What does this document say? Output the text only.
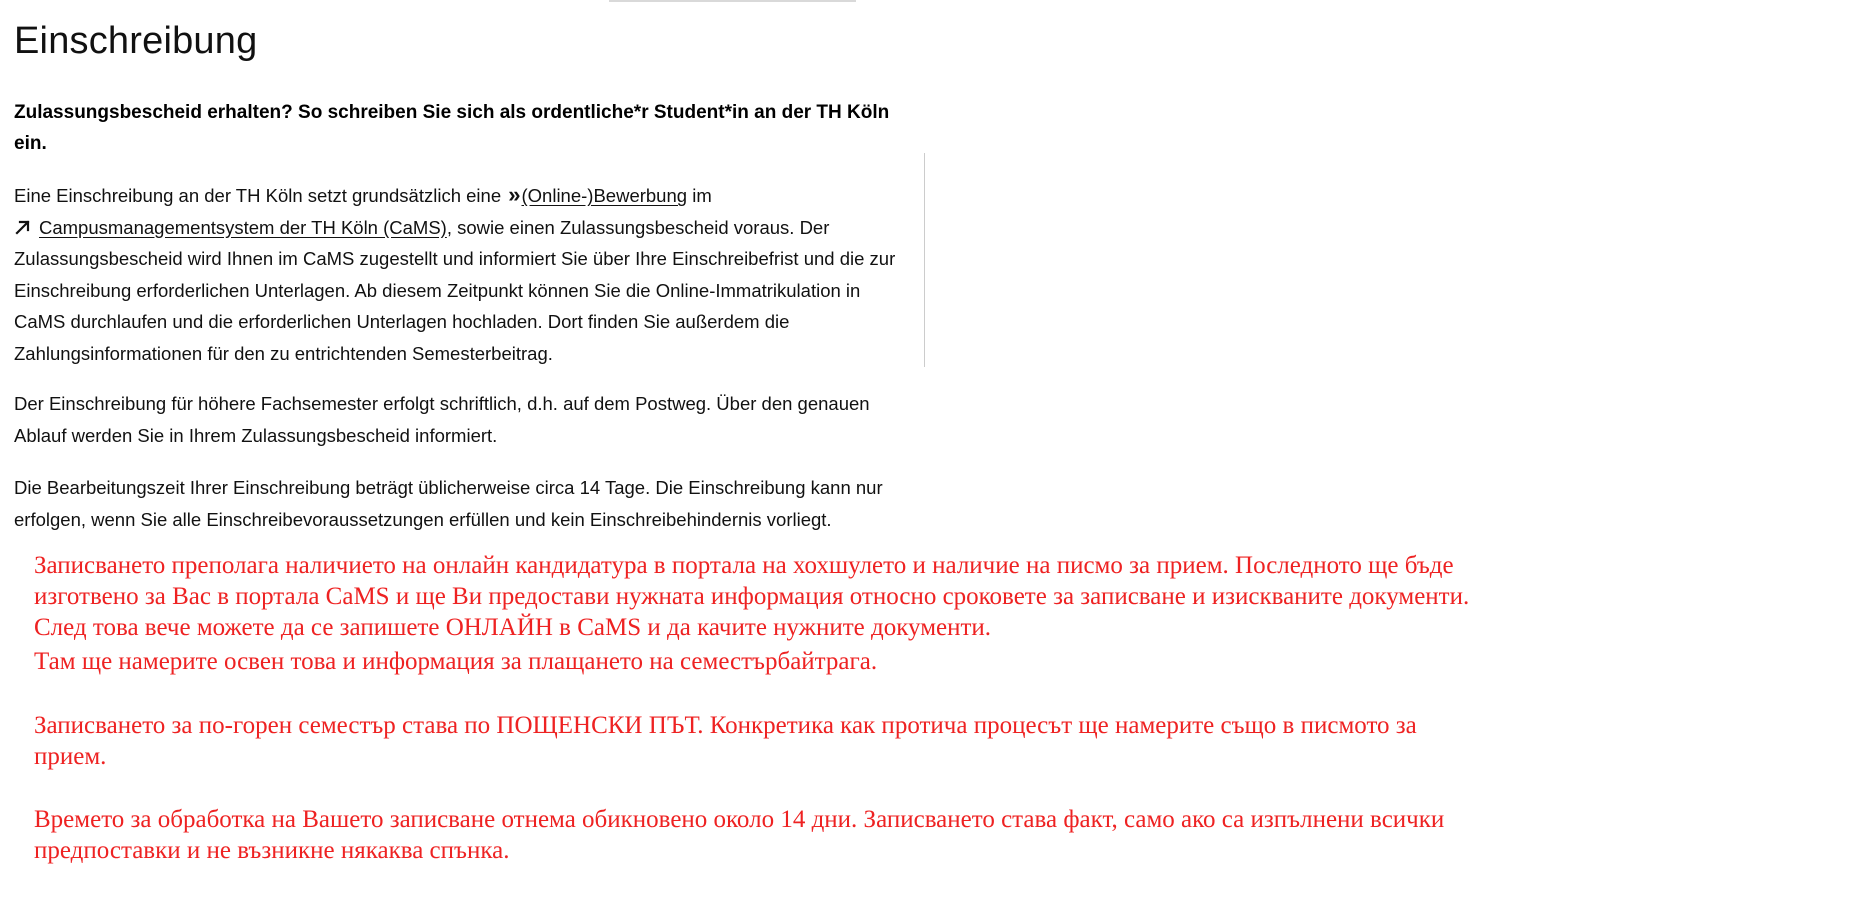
Einschreibung

Zulassungsbescheid erhalten? So schreiben Sie sich als ordentliche*r Student*in an der TH Köln ein.

Eine Einschreibung an der TH Köln setzt grundsätzlich eine » (Online-)Bewerbung im
Campusmanagementsystem der TH Köln (CaMS), sowie einen Zulassungsbescheid voraus. Der Zulassungsbescheid wird Ihnen im CaMS zugestellt und informiert Sie über Ihre Einschreibefrist und die zur Einschreibung erforderlichen Unterlagen. Ab diesem Zeitpunkt können Sie die Online-Immatrikulation in CaMS durchlaufen und die erforderlichen Unterlagen hochladen. Dort finden Sie außerdem die Zahlungsinformationen für den zu entrichtenden Semesterbeitrag.

Der Einschreibung für höhere Fachsemester erfolgt schriftlich, d.h. auf dem Postweg. Über den genauen Ablauf werden Sie in Ihrem Zulassungsbescheid informiert.

Die Bearbeitungszeit Ihrer Einschreibung beträgt üblicherweise circa 14 Tage. Die Einschreibung kann nur erfolgen, wenn Sie alle Einschreibevoraussetzungen erfüllen und kein Einschreibehindernis vorliegt.

Записването преполага наличието на онлайн кандидатура в портала на хохшулето и наличие на писмо за прием. Последното ще бъде

изготвено за Вас в портала CaMS и ще Ви предостави нужната информация относно сроковете за записване и изискваните документи.

След това вече можете да се запишете ОНЛАЙН в CaMS и да качите нужните документи.

Там ще намерите освен това и информация за плащането на семестърбайтрага.

Записването за по-горен семестър става по ПОЩЕНСКИ ПЪТ. Конкретика как протича процесът ще намерите също в писмото за

прием.

Времето за обработка на Вашето записване отнема обикновено около 14 дни. Записването става факт, само ако са изпълнени всички

предпоставки и не възникне някаква спънка.
